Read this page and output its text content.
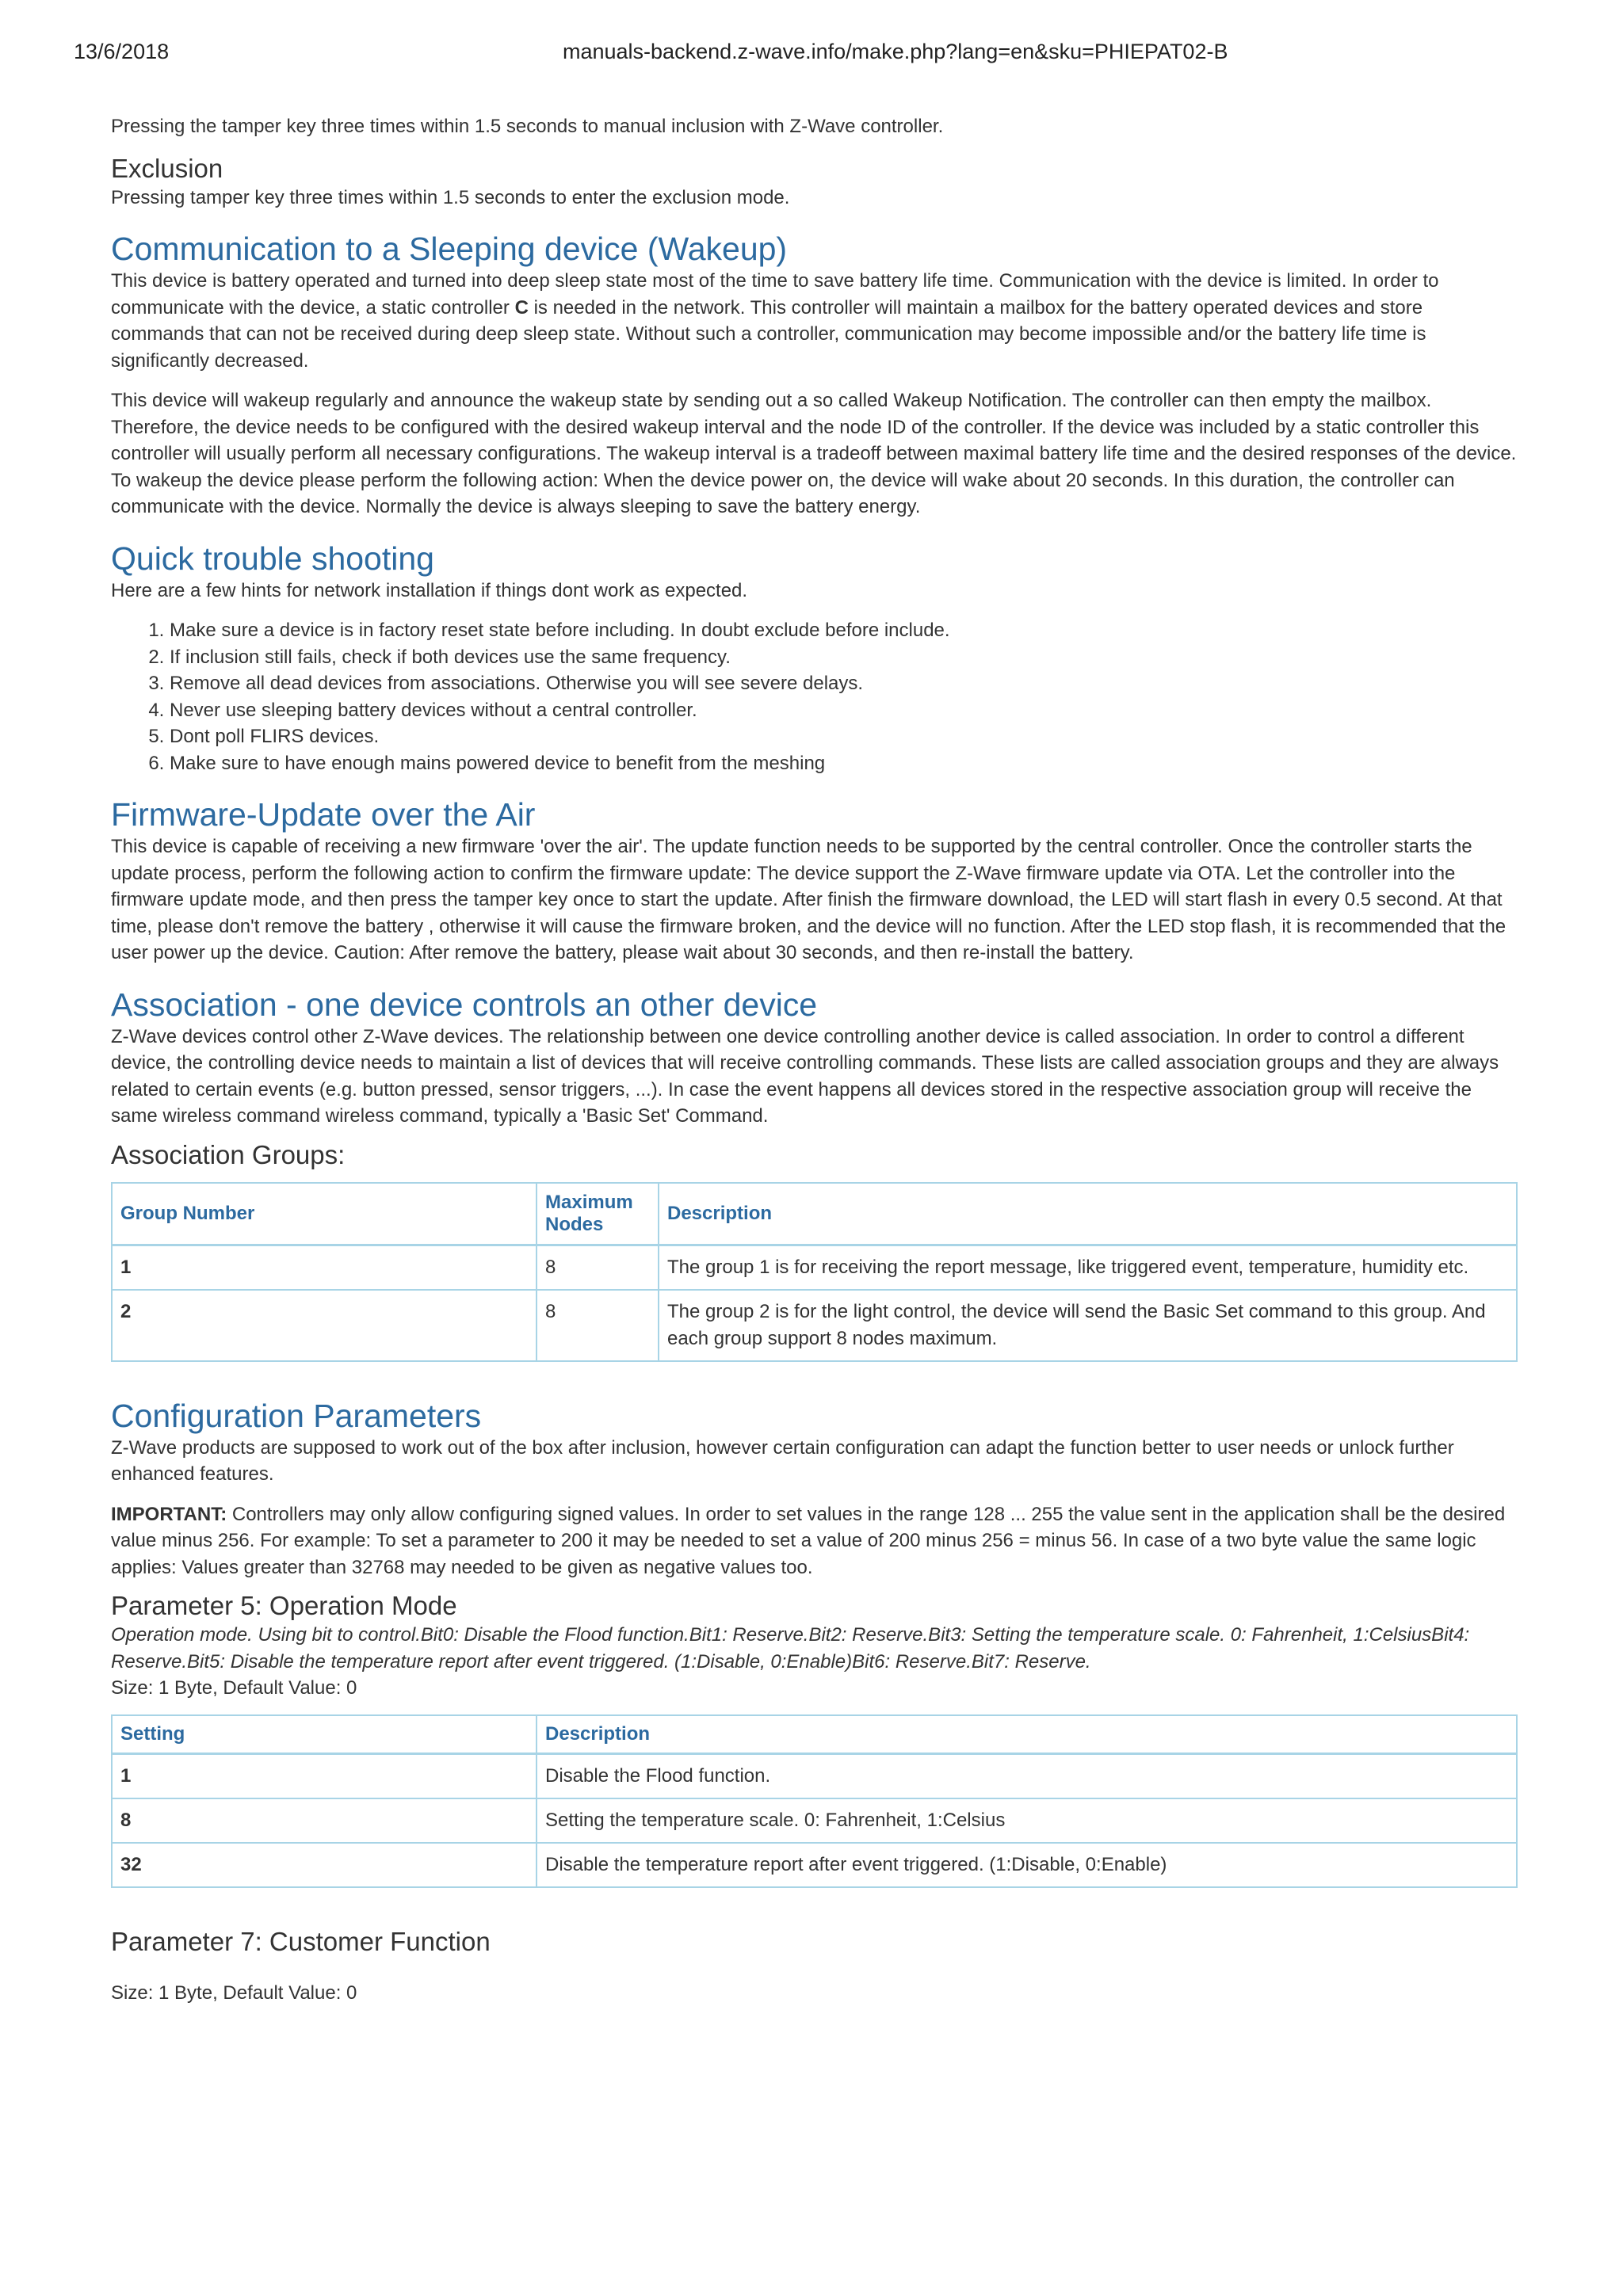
13/6/2018	manuals-backend.z-wave.info/make.php?lang=en&sku=PHIEPAT02-B

Pressing the tamper key three times within 1.5 seconds to manual inclusion with Z-Wave controller.

Exclusion

Pressing tamper key three times within 1.5 seconds to enter the exclusion mode.

Communication to a Sleeping device (Wakeup)

This device is battery operated and turned into deep sleep state most of the time to save battery life time. Communication with the device is limited. In order to communicate with the device, a static controller C is needed in the network. This controller will maintain a mailbox for the battery operated devices and store commands that can not be received during deep sleep state. Without such a controller, communication may become impossible and/or the battery life time is significantly decreased.

This device will wakeup regularly and announce the wakeup state by sending out a so called Wakeup Notification. The controller can then empty the mailbox. Therefore, the device needs to be configured with the desired wakeup interval and the node ID of the controller. If the device was included by a static controller this controller will usually perform all necessary configurations. The wakeup interval is a tradeoff between maximal battery life time and the desired responses of the device. To wakeup the device please perform the following action: When the device power on, the device will wake about 20 seconds. In this duration, the controller can communicate with the device. Normally the device is always sleeping to save the battery energy.

Quick trouble shooting

Here are a few hints for network installation if things dont work as expected.

1. Make sure a device is in factory reset state before including. In doubt exclude before include.
2. If inclusion still fails, check if both devices use the same frequency.
3. Remove all dead devices from associations. Otherwise you will see severe delays.
4. Never use sleeping battery devices without a central controller.
5. Dont poll FLIRS devices.
6. Make sure to have enough mains powered device to benefit from the meshing
Firmware-Update over the Air

This device is capable of receiving a new firmware 'over the air'. The update function needs to be supported by the central controller. Once the controller starts the update process, perform the following action to confirm the firmware update: The device support the Z-Wave firmware update via OTA. Let the controller into the firmware update mode, and then press the tamper key once to start the update. After finish the firmware download, the LED will start flash in every 0.5 second. At that time, please don't remove the battery , otherwise it will cause the firmware broken, and the device will no function. After the LED stop flash, it is recommended that the user power up the device. Caution: After remove the battery, please wait about 30 seconds, and then re-install the battery.

Association - one device controls an other device

Z-Wave devices control other Z-Wave devices. The relationship between one device controlling another device is called association. In order to control a different device, the controlling device needs to maintain a list of devices that will receive controlling commands. These lists are called association groups and they are always related to certain events (e.g. button pressed, sensor triggers, ...). In case the event happens all devices stored in the respective association group will receive the same wireless command wireless command, typically a 'Basic Set' Command.

Association Groups:
Group Number	Maximum Nodes	Description
1	8	The group 1 is for receiving the report message, like triggered event, temperature, humidity etc.
2	8	The group 2 is for the light control, the device will send the Basic Set command to this group. And each group support 8 nodes maximum.
Configuration Parameters

Z-Wave products are supposed to work out of the box after inclusion, however certain configuration can adapt the function better to user needs or unlock further enhanced features.

IMPORTANT: Controllers may only allow configuring signed values. In order to set values in the range 128 ... 255 the value sent in the application shall be the desired value minus 256. For example: To set a parameter to 200 it may be needed to set a value of 200 minus 256 = minus 56. In case of a two byte value the same logic applies: Values greater than 32768 may needed to be given as negative values too.

Parameter 5: Operation Mode

Operation mode. Using bit to control.Bit0: Disable the Flood function.Bit1: Reserve.Bit2: Reserve.Bit3: Setting the temperature scale. 0: Fahrenheit, 1:CelsiusBit4: Reserve.Bit5: Disable the temperature report after event triggered. (1:Disable, 0:Enable)Bit6: Reserve.Bit7: Reserve.

Size: 1 Byte, Default Value: 0

Setting	Description
1	Disable the Flood function.
8	Setting the temperature scale. 0: Fahrenheit, 1:Celsius
32	Disable the temperature report after event triggered. (1:Disable, 0:Enable)
Parameter 7: Customer Function

Size: 1 Byte, Default Value: 0
